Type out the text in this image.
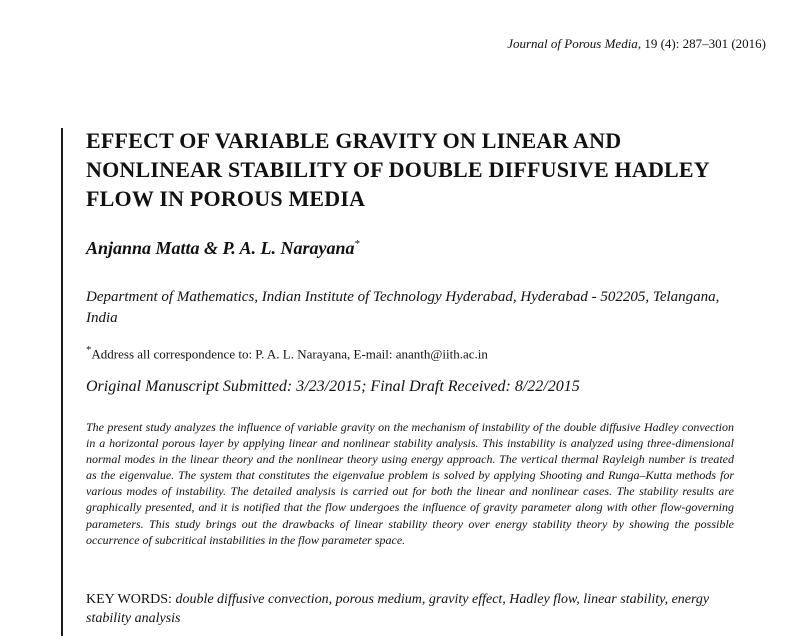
Journal of Porous Media, 19 (4): 287–301 (2016)
EFFECT OF VARIABLE GRAVITY ON LINEAR AND NONLINEAR STABILITY OF DOUBLE DIFFUSIVE HADLEY FLOW IN POROUS MEDIA
Anjanna Matta & P. A. L. Narayana*
Department of Mathematics, Indian Institute of Technology Hyderabad, Hyderabad - 502205, Telangana, India
*Address all correspondence to: P. A. L. Narayana, E-mail: ananth@iith.ac.in
Original Manuscript Submitted: 3/23/2015; Final Draft Received: 8/22/2015

The present study analyzes the influence of variable gravity on the mechanism of instability of the double diffusive Hadley convection in a horizontal porous layer by applying linear and nonlinear stability analysis. This instability is analyzed using three-dimensional normal modes in the linear theory and the nonlinear theory using energy approach. The vertical thermal Rayleigh number is treated as the eigenvalue. The system that constitutes the eigenvalue problem is solved by applying Shooting and Runga–Kutta methods for various modes of instability. The detailed analysis is carried out for both the linear and nonlinear cases. The stability results are graphically presented, and it is notified that the flow undergoes the influence of gravity parameter along with other flow-governing parameters. This study brings out the drawbacks of linear stability theory over energy stability theory by showing the possible occurrence of subcritical instabilities in the flow parameter space.

KEY WORDS: double diffusive convection, porous medium, gravity effect, Hadley flow, linear stability, energy stability analysis
